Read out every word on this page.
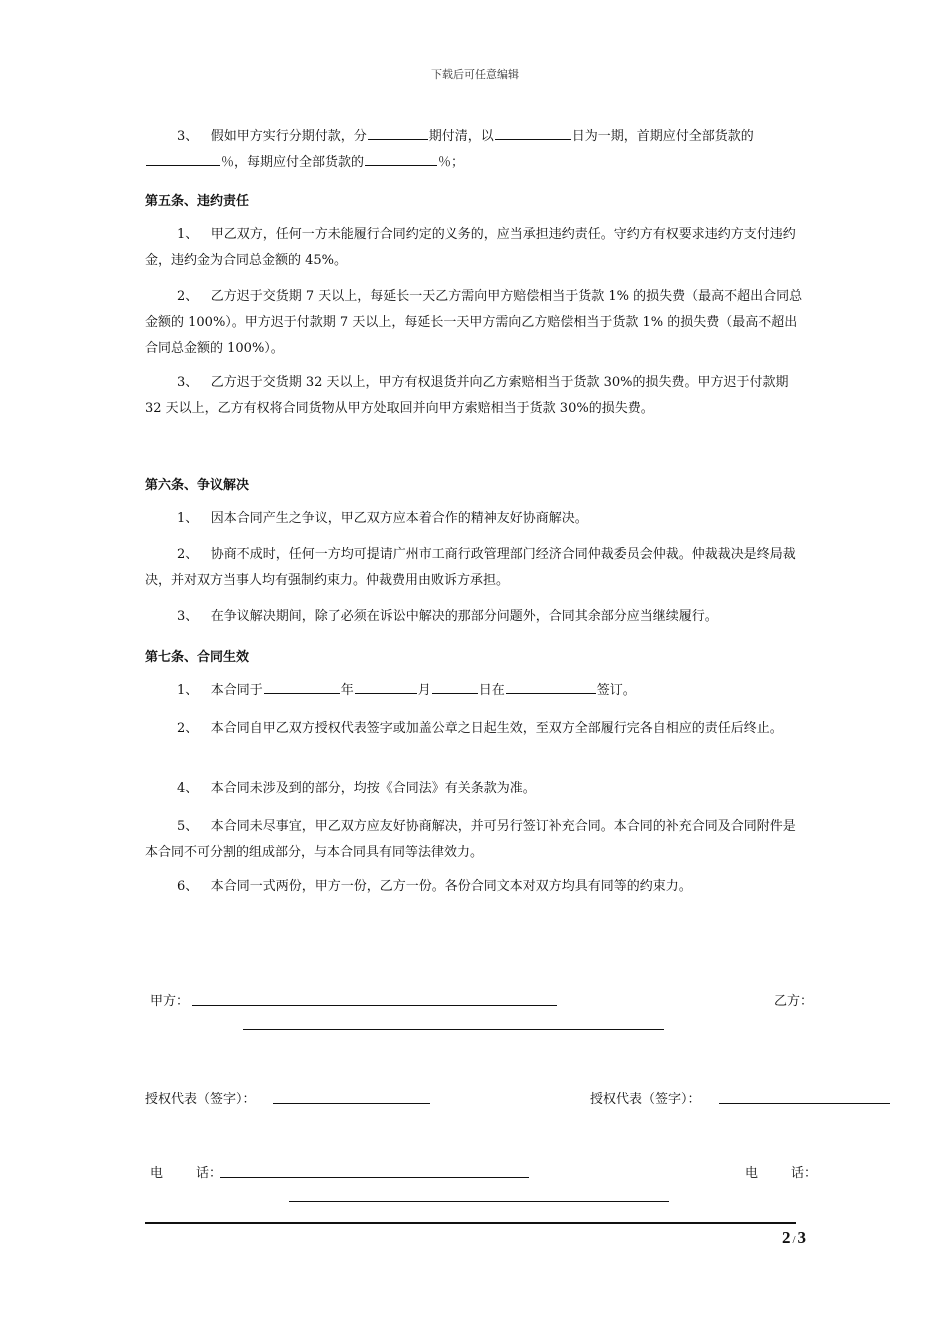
下载后可任意编辑
3、 假如甲方实行分期付款，分	期付清，以	日为一期，首期应付全部货款的％，每期应付全部货款的	％；
第五条、违约责任
1、 甲乙双方，任何一方未能履行合同约定的义务的，应当承担违约责任。守约方有权要求违约方支付违约金，违约金为合同总金额的 45%。
2、 乙方迟于交货期 7 天以上，每延长一天乙方需向甲方赔偿相当于货款 1% 的损失费（最高不超出合同总金额的 100%）。甲方迟于付款期 7 天以上，每延长一天甲方需向乙方赔偿相当于货款 1% 的损失费（最高不超出合同总金额的 100%）。
3、 乙方迟于交货期 32 天以上，甲方有权退货并向乙方索赔相当于货款 30%的损失费。甲方迟于付款期 32 天以上，乙方有权将合同货物从甲方处取回并向甲方索赔相当于货款 30%的损失费。
第六条、争议解决
1、 因本合同产生之争议，甲乙双方应本着合作的精神友好协商解决。
2、 协商不成时，任何一方均可提请广州市工商行政管理部门经济合同仲裁委员会仲裁。仲裁裁决是终局裁决，并对双方当事人均有强制约束力。仲裁费用由败诉方承担。
3、 在争议解决期间，除了必须在诉讼中解决的那部分问题外，合同其余部分应当继续履行。
第七条、合同生效
1、 本合同于	年	月	日在	签订。
2、 本合同自甲乙双方授权代表签字或加盖公章之日起生效，至双方全部履行完各自相应的责任后终止。
4、 本合同未涉及到的部分，均按《合同法》有关条款为准。
5、 本合同未尽事宜，甲乙双方应友好协商解决，并可另行签订补充合同。本合同的补充合同及合同附件是本合同不可分割的组成部分，与本合同具有同等法律效力。
6、 本合同一式两份，甲方一份，乙方一份。各份合同文本对双方均具有同等的约束力。
甲方：	乙方：
授权代表（签字）：	授权代表（签字）：
电        话：	电        话：
2 / 3
